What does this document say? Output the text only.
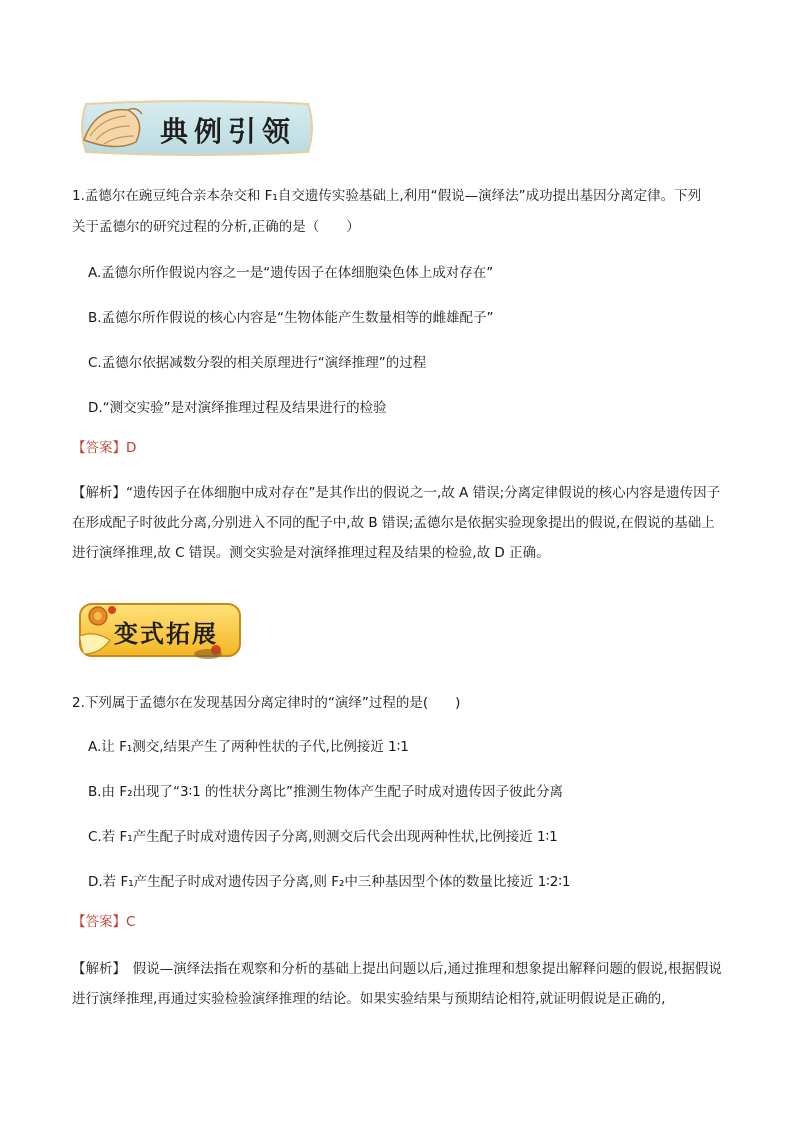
典例引领
1.孟德尔在豌豆纯合亲本杂交和 F₁自交遗传实验基础上,利用“假说—演绎法”成功提出基因分离定律。下列
关于孟德尔的研究过程的分析,正确的是（　　）
A.孟德尔所作假说内容之一是“遗传因子在体细胞染色体上成对存在”
B.孟德尔所作假说的核心内容是“生物体能产生数量相等的雌雄配子”
C.孟德尔依据减数分裂的相关原理进行“演绎推理”的过程
D.“测交实验”是对演绎推理过程及结果进行的检验
【答案】D
【解析】“遗传因子在体细胞中成对存在”是其作出的假说之一,故 A 错误;分离定律假说的核心内容是遗传因子在形成配子时彼此分离,分别进入不同的配子中,故 B 错误;孟德尔是依据实验现象提出的假说,在假说的基础上进行演绎推理,故 C 错误。测交实验是对演绎推理过程及结果的检验,故 D 正确。
变式拓展
2.下列属于孟德尔在发现基因分离定律时的“演绎”过程的是(　　)
A.让 F₁测交,结果产生了两种性状的子代,比例接近 1∶1
B.由 F₂出现了“3∶1 的性状分离比”推测生物体产生配子时成对遗传因子彼此分离
C.若 F₁产生配子时成对遗传因子分离,则测交后代会出现两种性状,比例接近 1∶1
D.若 F₁产生配子时成对遗传因子分离,则 F₂中三种基因型个体的数量比接近 1∶2∶1
【答案】C
【解析】　假说—演绎法指在观察和分析的基础上提出问题以后,通过推理和想象提出解释问题的假说,根据假说进行演绎推理,再通过实验检验演绎推理的结论。如果实验结果与预期结论相符,就证明假说是正确的,
